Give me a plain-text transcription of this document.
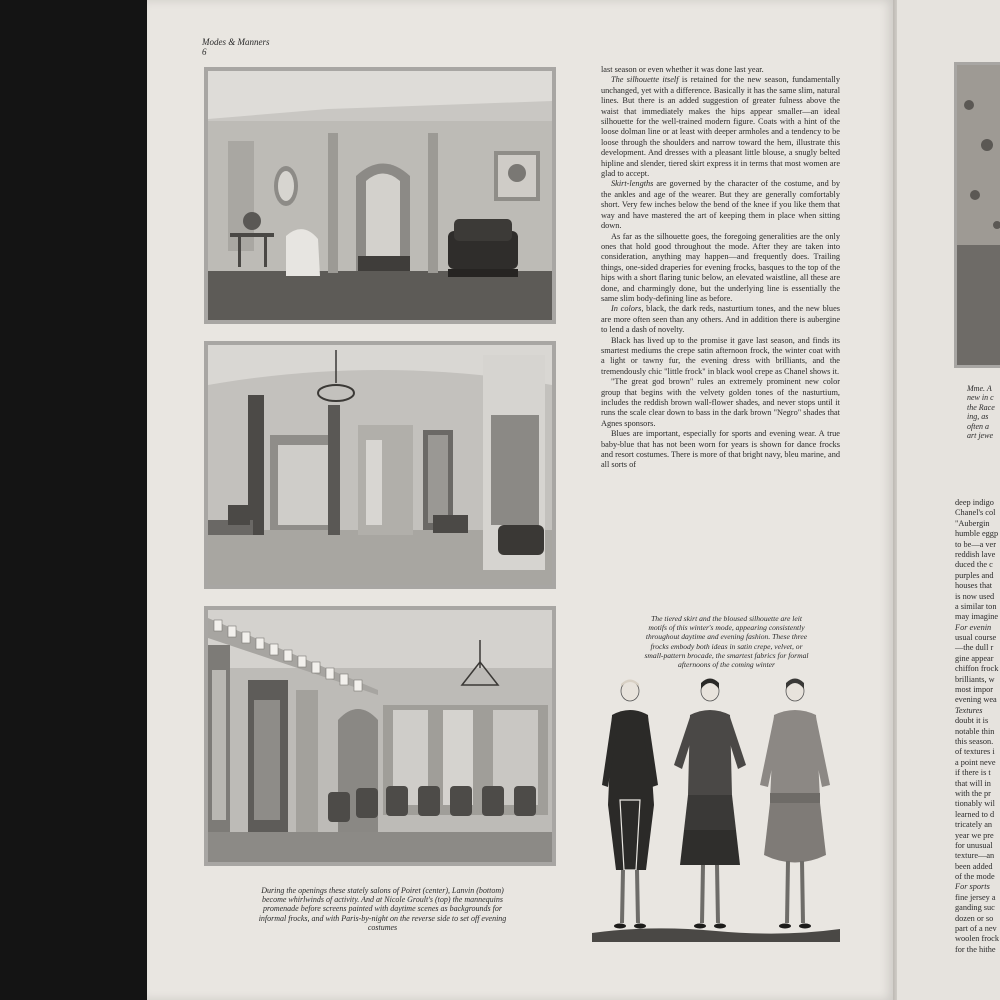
Modes & Manners
6
During the openings these stately salons of Poiret (center), Lanvin (bottom) become whirlwinds of activity. And at Nicole Groult's (top) the mannequins promenade before screens painted with daytime scenes as backgrounds for informal frocks, and with Paris-by-night on the reverse side to set off evening costumes

last season or even whether it was done last year.

The silhouette itself is retained for the new season, fundamentally unchanged, yet with a difference. Basically it has the same slim, natural lines. But there is an added suggestion of greater fulness above the waist that immediately makes the hips appear smaller—an ideal silhouette for the well-trained modern figure. Coats with a hint of the loose dolman line or at least with deeper armholes and a tendency to be loose through the shoulders and narrow toward the hem, illustrate this development. And dresses with a pleasant little blouse, a snugly belted hipline and slender, tiered skirt express it in terms that most women are glad to accept.

Skirt-lengths are governed by the character of the costume, and by the ankles and age of the wearer. But they are generally comfortably short. Very few inches below the bend of the knee if you like them that way and have mastered the art of keeping them in place when sitting down.

As far as the silhouette goes, the foregoing generalities are the only ones that hold good throughout the mode. After they are taken into consideration, anything may happen—and frequently does. Trailing things, one-sided draperies for evening frocks, basques to the top of the hips with a short flaring tunic below, an elevated waistline, all these are done, and charmingly done, but the underlying line is essentially the same slim body-defining line as before.

In colors, black, the dark reds, nasturtium tones, and the new blues are more often seen than any others. And in addition there is aubergine to lend a dash of novelty.

Black has lived up to the promise it gave last season, and finds its smartest mediums the crepe satin afternoon frock, the winter coat with a light or tawny fur, the evening dress with brilliants, and the tremendously chic "little frock" in black wool crepe as Chanel shows it.

"The great god brown" rules an extremely prominent new color group that begins with the velvety golden tones of the nasturtium, includes the reddish brown wall-flower shades, and never stops until it runs the scale clear down to bass in the dark brown "Negro" shades that Agnes sponsors.

Blues are important, especially for sports and evening wear. A true baby-blue that has not been worn for years is shown for dance frocks and resort costumes. There is more of that bright navy, bleu marine, and all sorts of

The tiered skirt and the bloused silhouette are leit motifs of this winter's mode, appearing consistently throughout daytime and evening fashion. These three frocks embody both ideas in satin crepe, velvet, or small-pattern brocade, the smartest fabrics for formal afternoons of the coming winter
Mme. A
new in c
the Race
ing, as
often a
art jewe
deep indigo
Chanel's col
"Aubergin
humble eggp
to be—a ver
reddish lave
duced the c
purples and
houses that
is now used
a similar ton
may imagine
For evenin
usual course
—the dull r
gine appear
chiffon frock
brilliants, w
most impor
evening wea
Textures
doubt it is
notable thin
this season.
of textures i
a point neve
if there is t
that will in
with the pr
tionably wil
learned to d
tricately an
year we pre
for unusual
texture—an
been added
of the mode
For sports
fine jersey a
ganding suc
dozen or so
part of a nev
woolen frock
for the hithe
